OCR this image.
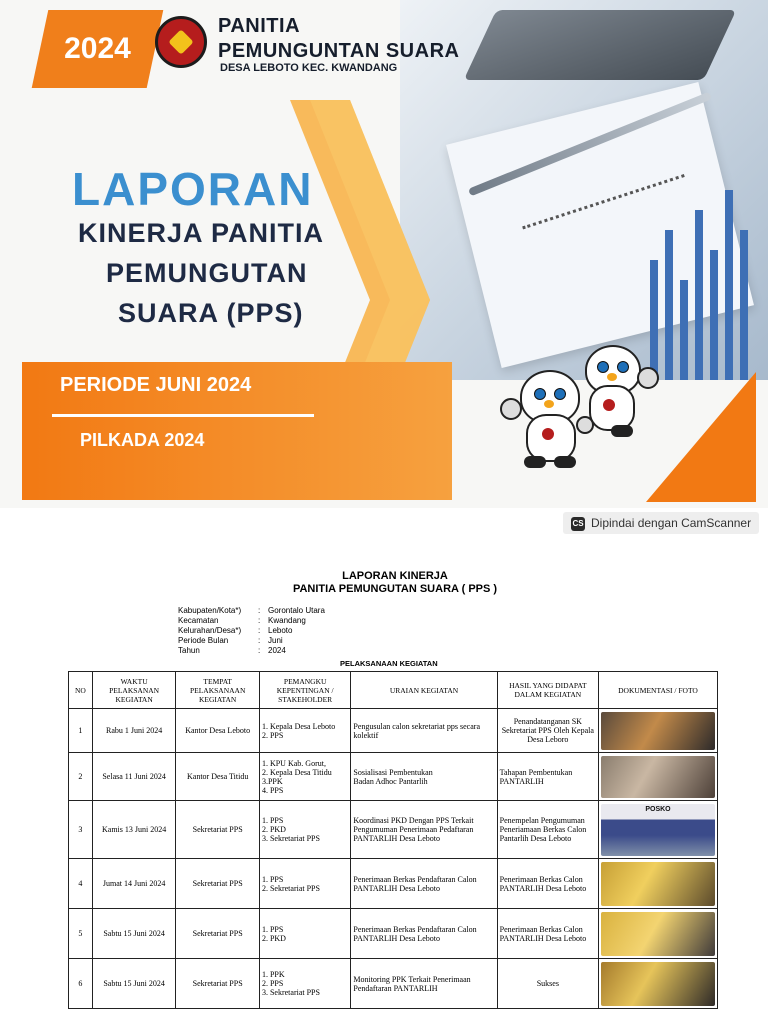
2024
PANITIA
PEMUNGUNTAN SUARA
DESA LEBOTO KEC. KWANDANG
LAPORAN
KINERJA PANITIA
PEMUNGUTAN
SUARA (PPS)
PERIODE JUNI 2024
PILKADA 2024
CS Dipindai dengan CamScanner
LAPORAN KINERJA
PANITIA PEMUNGUTAN SUARA ( PPS )
Kabupaten/Kota*) : Gorontalo Utara
Kecamatan	: Kwandang
Kelurahan/Desa*) : Leboto
Periode Bulan	: Juni
Tahun	: 2024
PELAKSANAAN KEGIATAN
NO	WAKTU PELAKSANAN KEGIATAN	TEMPAT PELAKSANAAN KEGIATAN	PEMANGKU KEPENTINGAN / STAKEHOLDER	URAIAN KEGIATAN	HASIL YANG DIDAPAT DALAM KEGIATAN	DOKUMENTASI / FOTO
1	Rabu 1 Juni 2024	Kantor Desa Leboto	1. Kepala Desa Leboto
2. PPS	Pengusulan calon sekretariat pps secara kolektif	Penandatanganan SK Sekretariat PPS Oleh Kepala Desa Leboro	

2	Selasa 11 Juni 2024	Kantor Desa Titidu	1. KPU Kab. Gorut,
2. Kepala Desa Titidu
3.PPK
4. PPS	Sosialisasi Pembentukan
Badan Adhoc Pantarlih	Tahapan Pembentukan PANTARLIH	

3	Kamis 13 Juni 2024	Sekretariat PPS	1. PPS
2. PKD
3. Sekretariat PPS	Koordinasi PKD Dengan PPS Terkait Pengumuman Penerimaan Pedaftaran PANTARLIH Desa Leboto	Penempelan Pengumuman Peneriamaan Berkas Calon Pantarlih Desa Leboto	POSKO

4	Jumat 14 Juni 2024	Sekretariat PPS	1. PPS
2. Sekretariat PPS	Penerimaan Berkas Pendaftaran Calon PANTARLIH Desa Leboto	Penerimaan Berkas Calon PANTARLIH Desa Leboto	

5	Sabtu 15 Juni 2024	Sekretariat PPS	1. PPS
2. PKD	Penerimaan Berkas Pendaftaran Calon PANTARLIH Desa Leboto	Penerimaan Berkas Calon PANTARLIH Desa Leboto	

6	Sabtu 15 Juni 2024	Sekretariat PPS	1. PPK
2. PPS
3. Sekretariat PPS	Monitoring PPK Terkait Penerimaan Pendaftaran PANTARLIH	Sukses	
